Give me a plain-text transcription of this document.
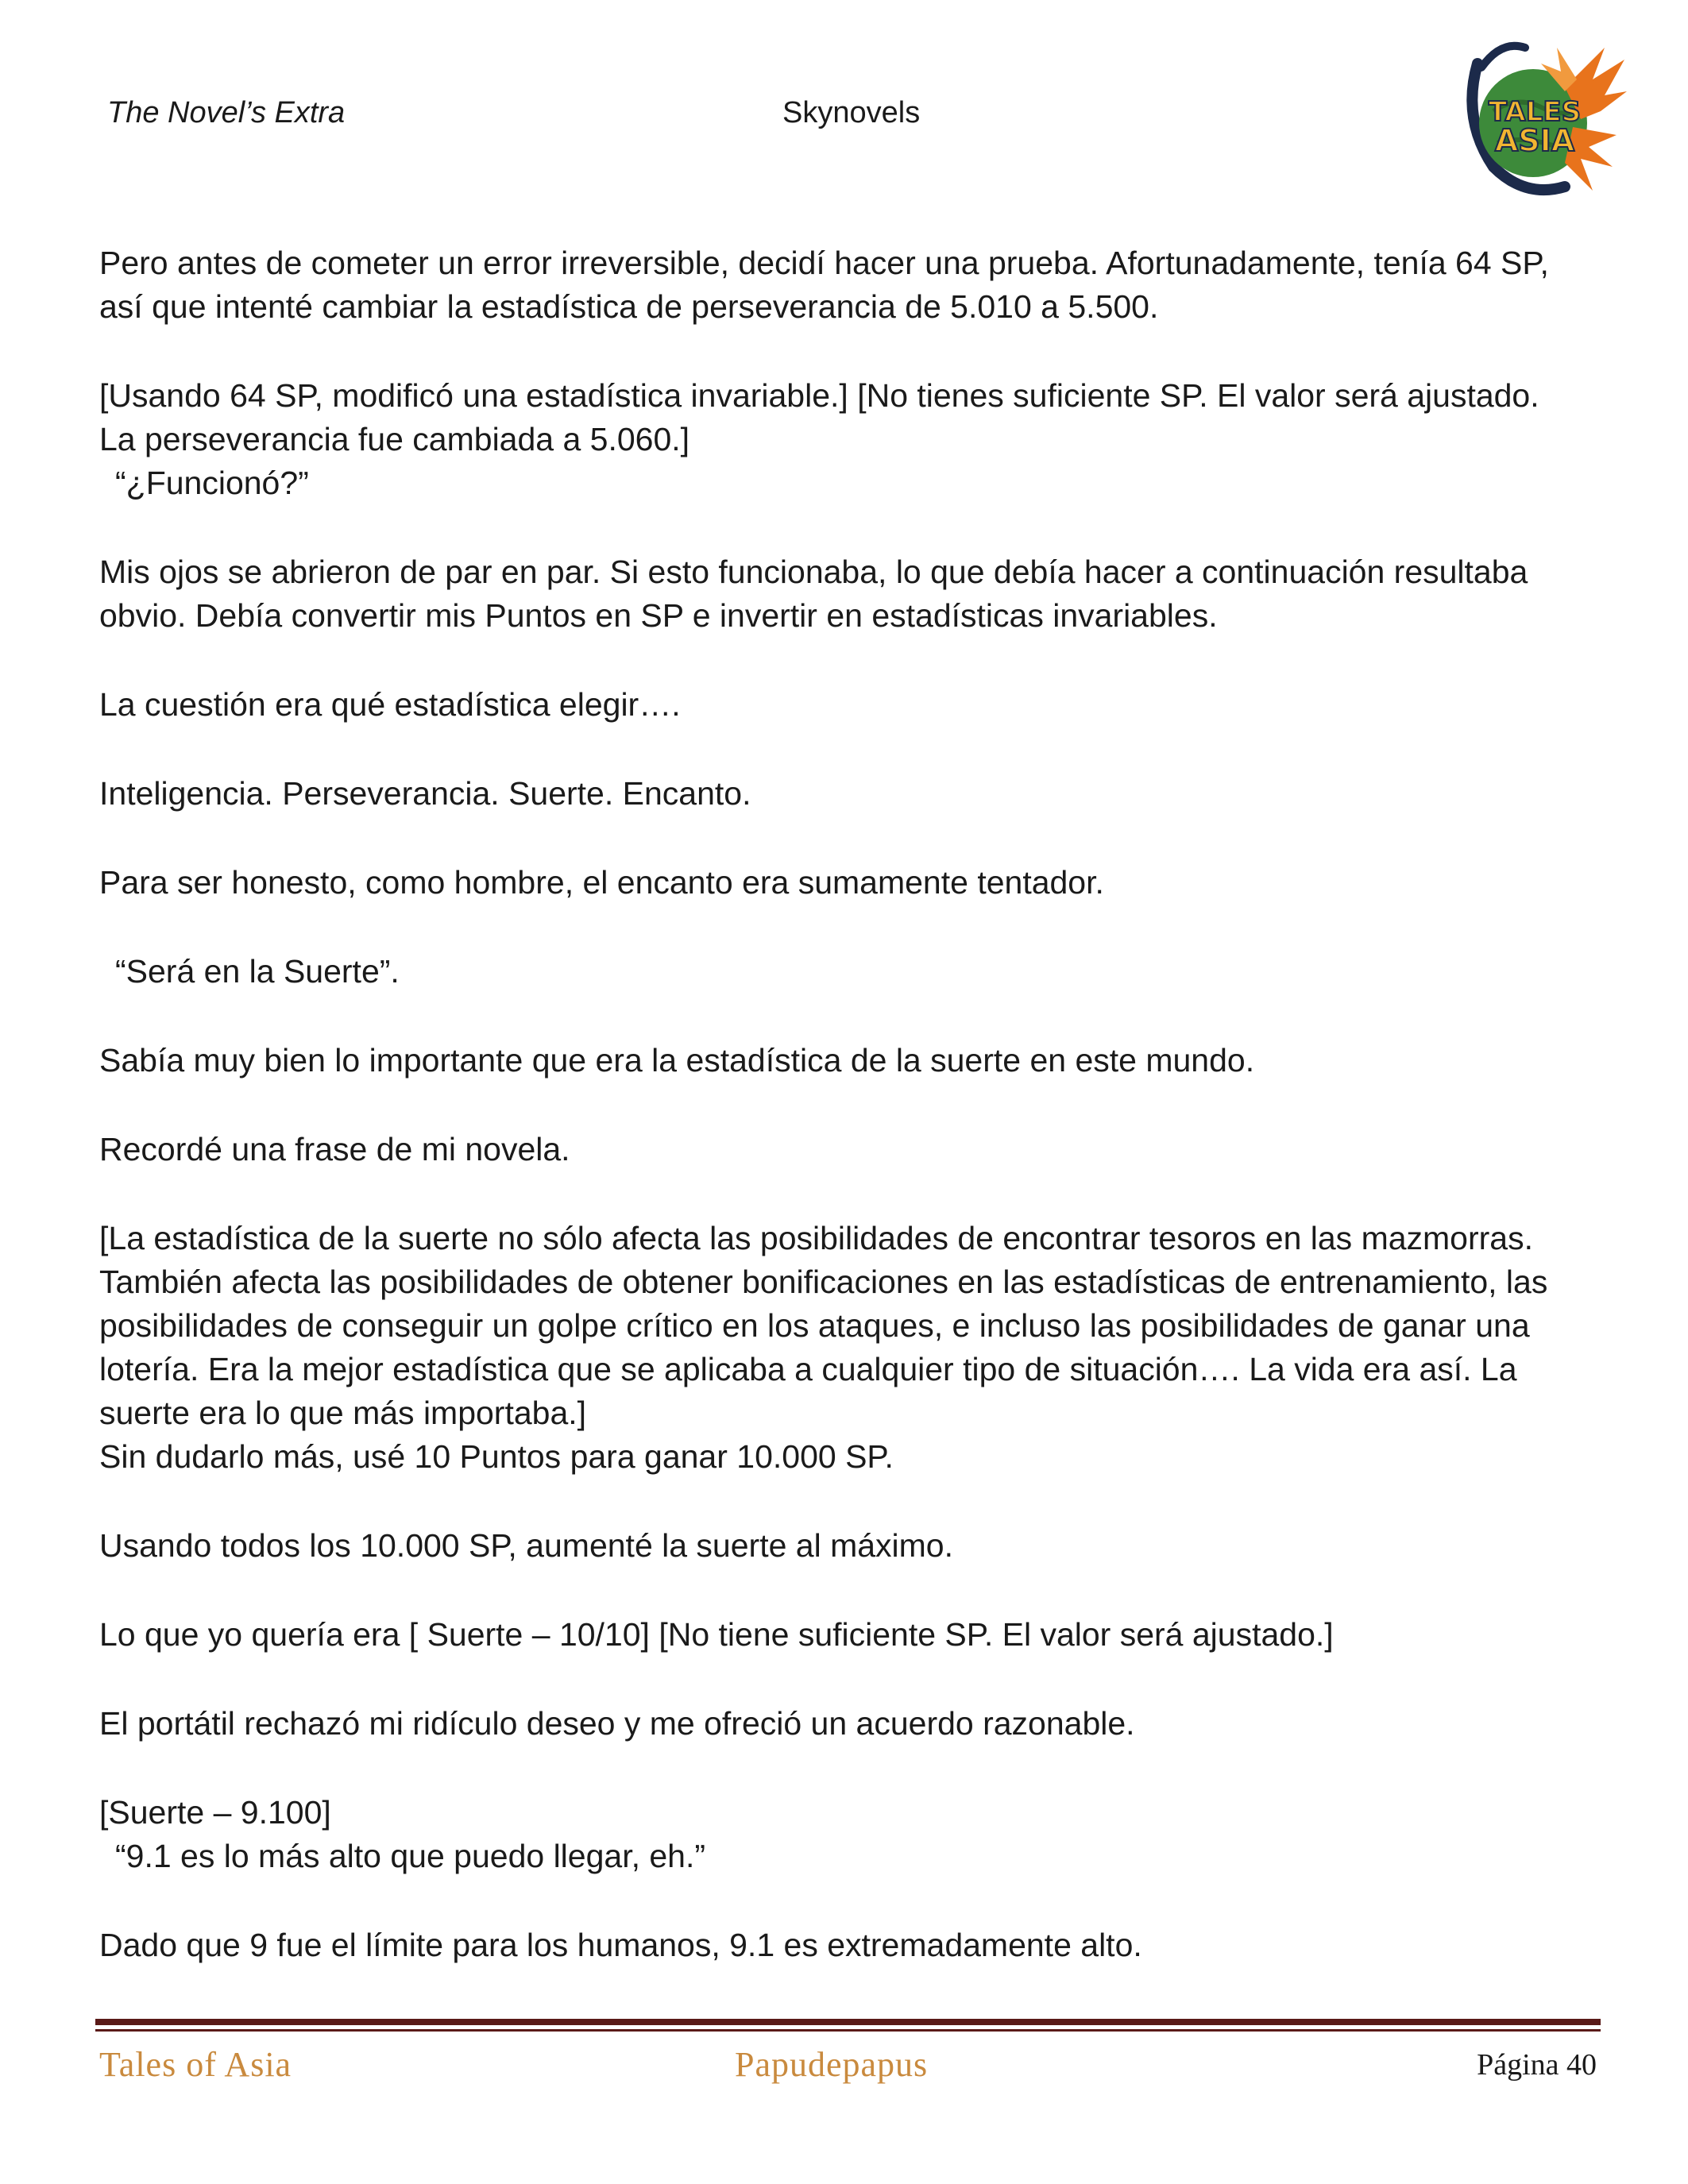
The Novel’s Extra	Skynovels	TALES
ASIA

Pero antes de cometer un error irreversible, decidí hacer una prueba. Afortunadamente, tenía 64 SP,

así que intenté cambiar la estadística de perseverancia de 5.010 a 5.500.

[Usando 64 SP, modificó una estadística invariable.] [No tienes suficiente SP. El valor será ajustado.

La perseverancia fue cambiada a 5.060.]

“¿Funcionó?”

Mis ojos se abrieron de par en par. Si esto funcionaba, lo que debía hacer a continuación resultaba

obvio. Debía convertir mis Puntos en SP e invertir en estadísticas invariables.

La cuestión era qué estadística elegir….

Inteligencia. Perseverancia. Suerte. Encanto.

Para ser honesto, como hombre, el encanto era sumamente tentador.

“Será en la Suerte”.

Sabía muy bien lo importante que era la estadística de la suerte en este mundo.

Recordé una frase de mi novela.

[La estadística de la suerte no sólo afecta las posibilidades de encontrar tesoros en las mazmorras.

También afecta las posibilidades de obtener bonificaciones en las estadísticas de entrenamiento, las

posibilidades de conseguir un golpe crítico en los ataques, e incluso las posibilidades de ganar una

lotería. Era la mejor estadística que se aplicaba a cualquier tipo de situación…. La vida era así. La

suerte era lo que más importaba.]

Sin dudarlo más, usé 10 Puntos para ganar 10.000 SP.

Usando todos los 10.000 SP, aumenté la suerte al máximo.

Lo que yo quería era [ Suerte – 10/10] [No tiene suficiente SP. El valor será ajustado.]

El portátil rechazó mi ridículo deseo y me ofreció un acuerdo razonable.

[Suerte – 9.100]

“9.1 es lo más alto que puedo llegar, eh.”

Dado que 9 fue el límite para los humanos, 9.1 es extremadamente alto.

Tales of Asia	Papudepapus	Página 40
